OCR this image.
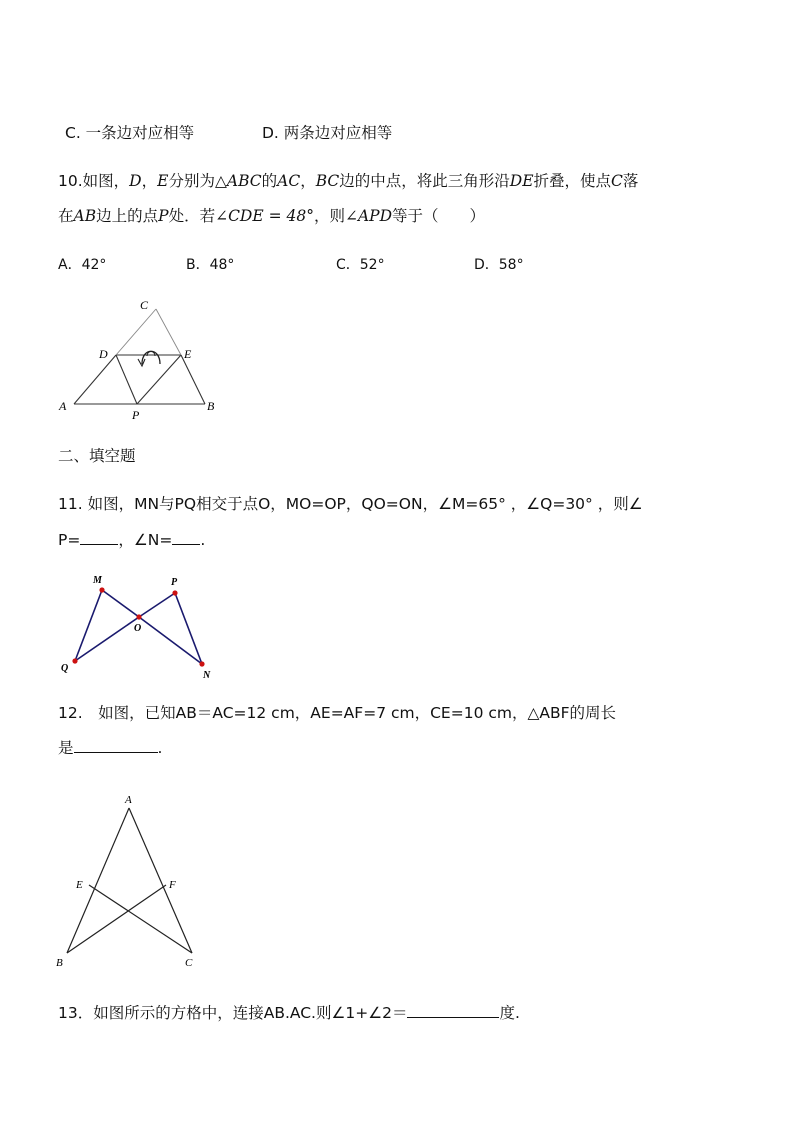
C. 一条边对应相等	D. 两条边对应相等
10.如图，D，E分别为△ABC的AC，BC边的中点，将此三角形沿DE折叠，使点C落
在AB边上的点P处．若∠CDE = 48°，则∠APD等于（　　）
A．42°	B．48°	C．52°	D．58°
C
D	E
A
P
B
二、填空题
11. 如图，MN与PQ相交于点O，MO=OP，QO=ON，∠M=65° ，∠Q=30° ，则∠
P= ，∠N= .
M	P
O
Q
N
12.　如图，已知AB＝AC=12 cm，AE=AF=7 cm，CE=10 cm，△ABF的周长
是	.
A
E	F
B	C
13．如图所示的方格中，连接AB.AC.则∠1+∠2＝	度.
